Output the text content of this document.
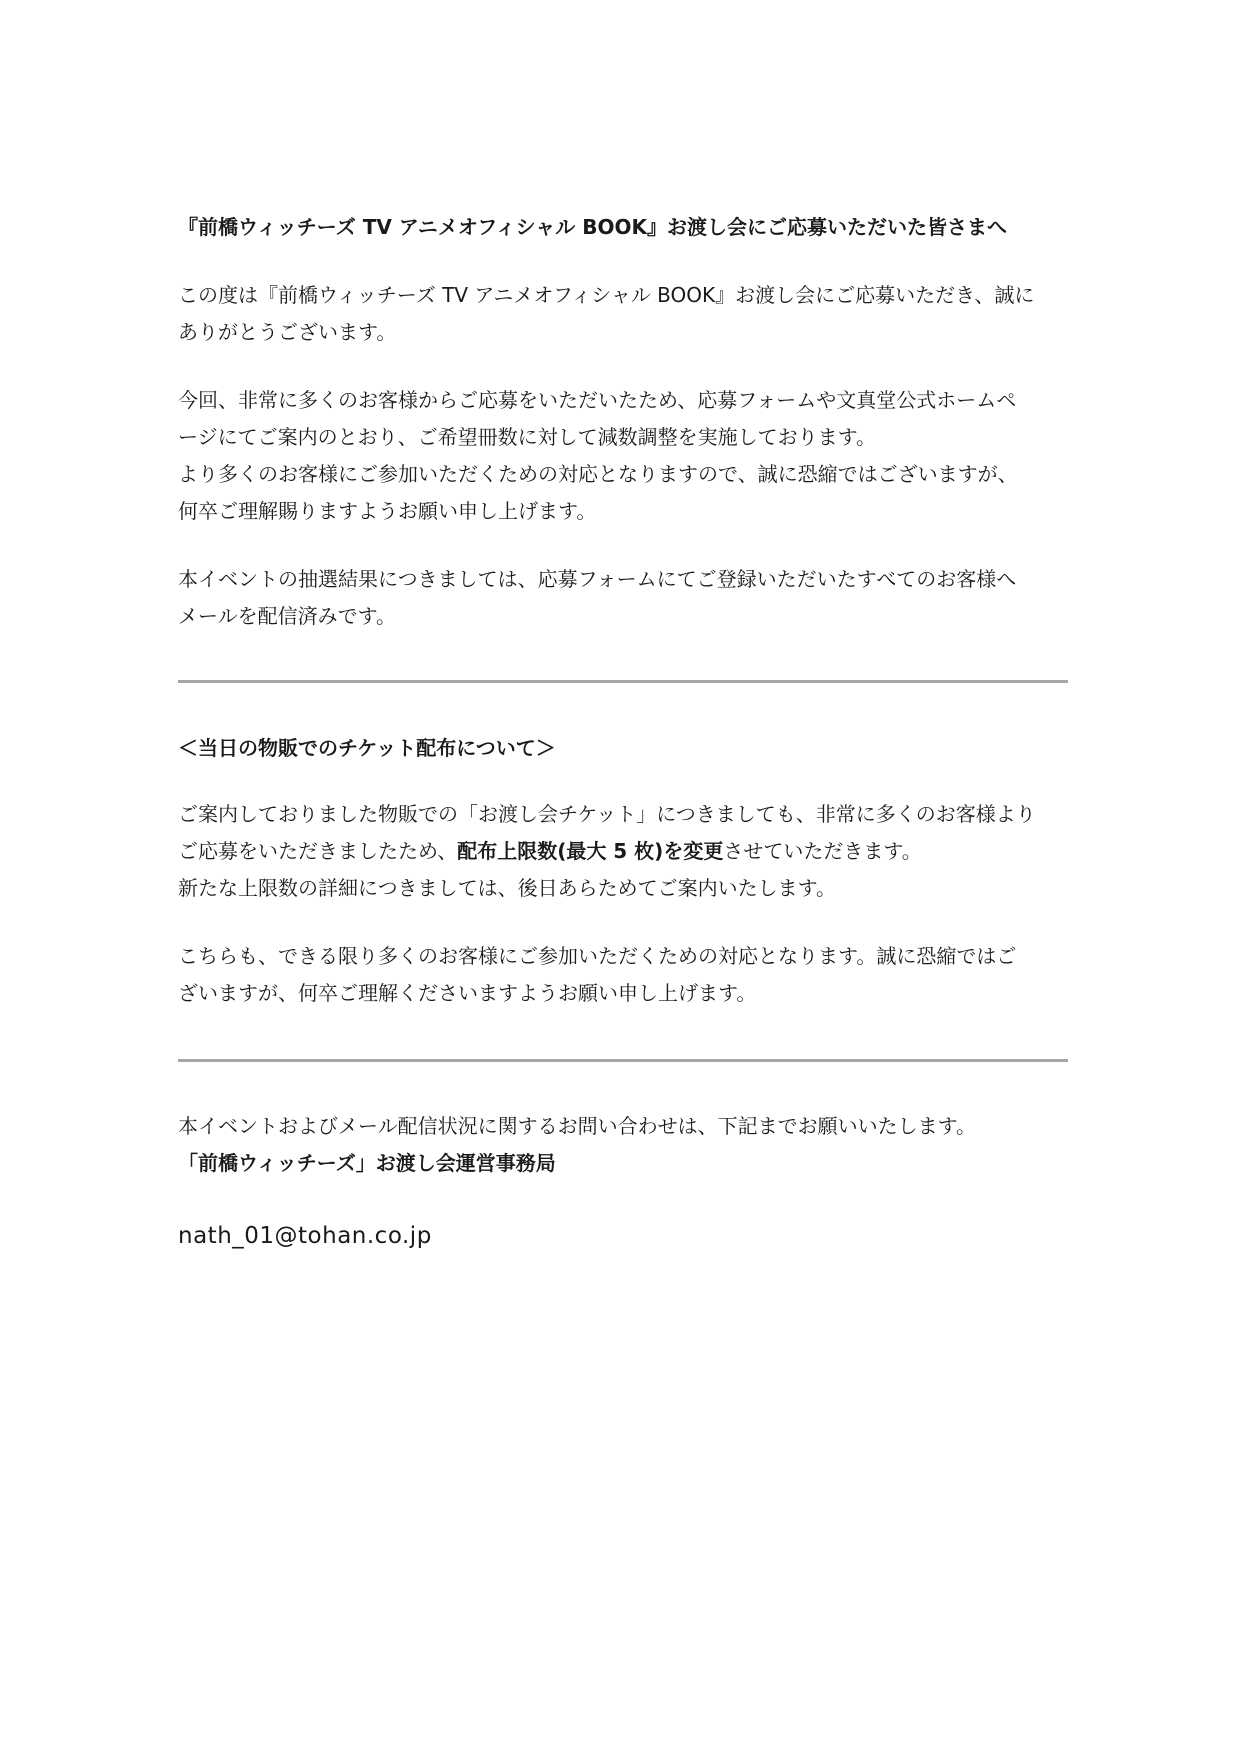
『前橋ウィッチーズ TV アニメオフィシャル BOOK』お渡し会にご応募いただいた皆さまへ

この度は『前橋ウィッチーズ TV アニメオフィシャル BOOK』お渡し会にご応募いただき、誠に

ありがとうございます。

今回、非常に多くのお客様からご応募をいただいたため、応募フォームや文真堂公式ホームペ

ージにてご案内のとおり、ご希望冊数に対して減数調整を実施しております。

より多くのお客様にご参加いただくための対応となりますので、誠に恐縮ではございますが、

何卒ご理解賜りますようお願い申し上げます。

本イベントの抽選結果につきましては、応募フォームにてご登録いただいたすべてのお客様へ

メールを配信済みです。

＜当日の物販でのチケット配布について＞

ご案内しておりました物販での「お渡し会チケット」につきましても、非常に多くのお客様より

ご応募をいただきましたため、配布上限数(最大 5 枚)を変更させていただきます。

新たな上限数の詳細につきましては、後日あらためてご案内いたします。

こちらも、できる限り多くのお客様にご参加いただくための対応となります。誠に恐縮ではご

ざいますが、何卒ご理解くださいますようお願い申し上げます。

本イベントおよびメール配信状況に関するお問い合わせは、下記までお願いいたします。

「前橋ウィッチーズ」お渡し会運営事務局

nath_01@tohan.co.jp
